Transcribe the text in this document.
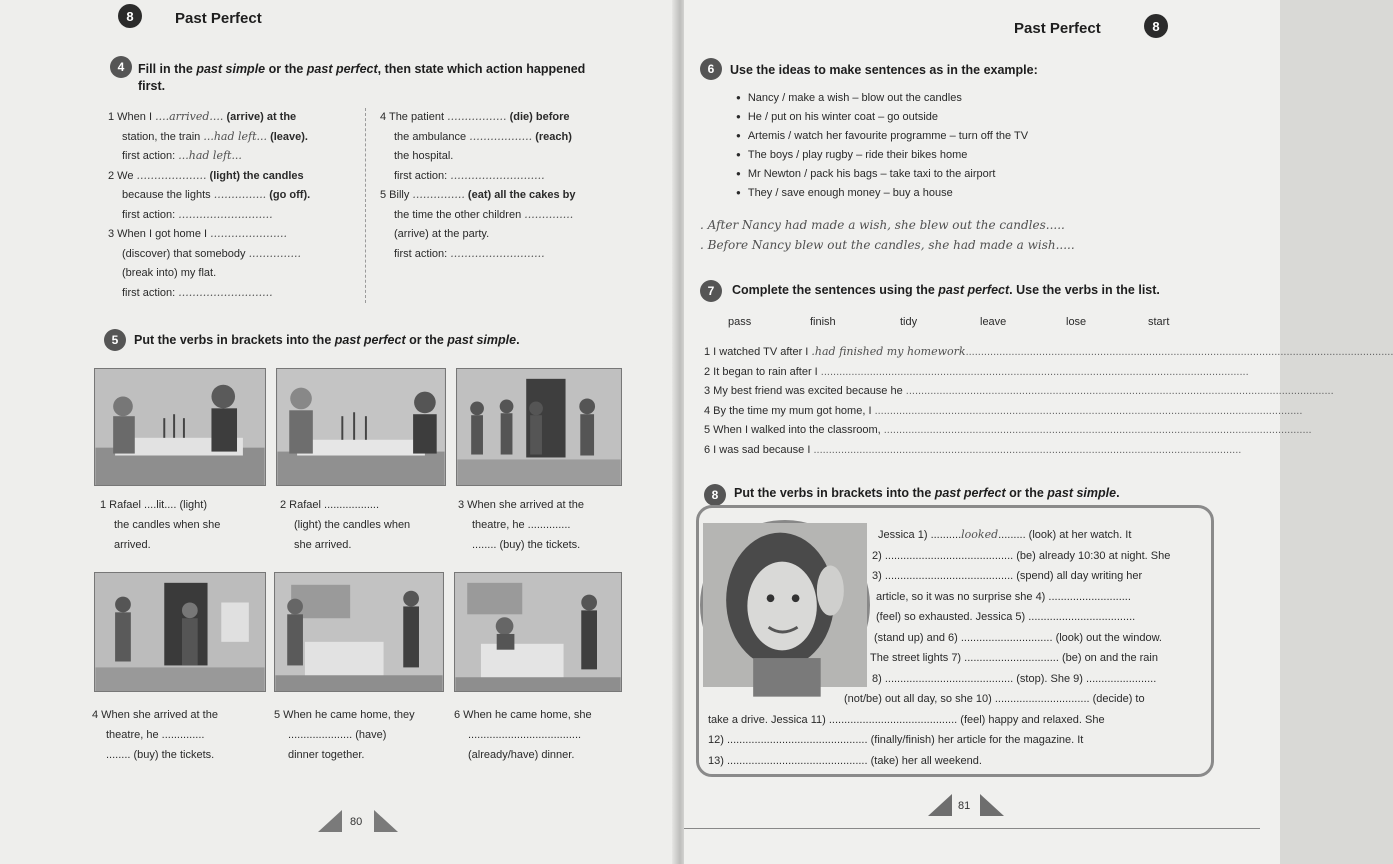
8	Past Perfect
4	Fill in the past simple or the past perfect, then state which action happened
first.
1 When I ....arrived.... (arrive) at the
station, the train ...had left... (leave).
first action: ...had left...
2 We .................... (light) the candles
because the lights ............... (go off).
first action: ...........................
3 When I got home I ......................
(discover) that somebody ...............
(break into) my flat.
first action: ...........................
4 The patient ................. (die) before
the ambulance .................. (reach)
the hospital.
first action: ...........................
5 Billy ............... (eat) all the cakes by
the time the other children ..............
(arrive) at the party.
first action: ...........................
5	Put the verbs in brackets into the past perfect or the past simple.
1 Rafael ....lit.... (light)
the candles when she
arrived.
2 Rafael ..................
(light) the candles when
she arrived.
3 When she arrived at the
theatre, he ..............
........ (buy) the tickets.
4 When she arrived at the
theatre, he ..............
........ (buy) the tickets.
5 When he came home, they
..................... (have)
dinner together.
6 When he came home, she
.....................................
(already/have) dinner.
80
Past Perfect	8
6	Use the ideas to make sentences as in the example:
● Nancy / make a wish – blow out the candles
● He / put on his winter coat – go outside
● Artemis / watch her favourite programme – turn off the TV
● The boys / play rugby – ride their bikes home
● Mr Newton / pack his bags – take taxi to the airport
● They / save enough money – buy a house
. After Nancy had made a wish, she blew out the candles.....
. Before Nancy blew out the candles, she had made a wish.....
7	Complete the sentences using the past perfect. Use the verbs in the list.
pass	finish	tidy	leave	lose	start
1 I watched TV after I .had finished my homework............................................................................................................................................
2 It began to rain after I ............................................................................................................................................
3 My best friend was excited because he ............................................................................................................................................
4 By the time my mum got home, I ............................................................................................................................................
5 When I walked into the classroom, ............................................................................................................................................
6 I was sad because I ............................................................................................................................................
8	Put the verbs in brackets into the past perfect or the past simple.
Jessica 1) ..........looked......... (look) at her watch. It
2) .......................................... (be) already 10:30 at night. She
3) .......................................... (spend) all day writing her
article, so it was no surprise she 4) ...........................
(feel) so exhausted. Jessica 5) ...................................
(stand up) and 6) .............................. (look) out the window.
The street lights 7) ............................... (be) on and the rain
8) .......................................... (stop). She 9) .......................
(not/be) out all day, so she 10) ............................... (decide) to
take a drive. Jessica 11) .......................................... (feel) happy and relaxed. She
12) .............................................. (finally/finish) her article for the magazine. It
13) .............................................. (take) her all weekend.
81
